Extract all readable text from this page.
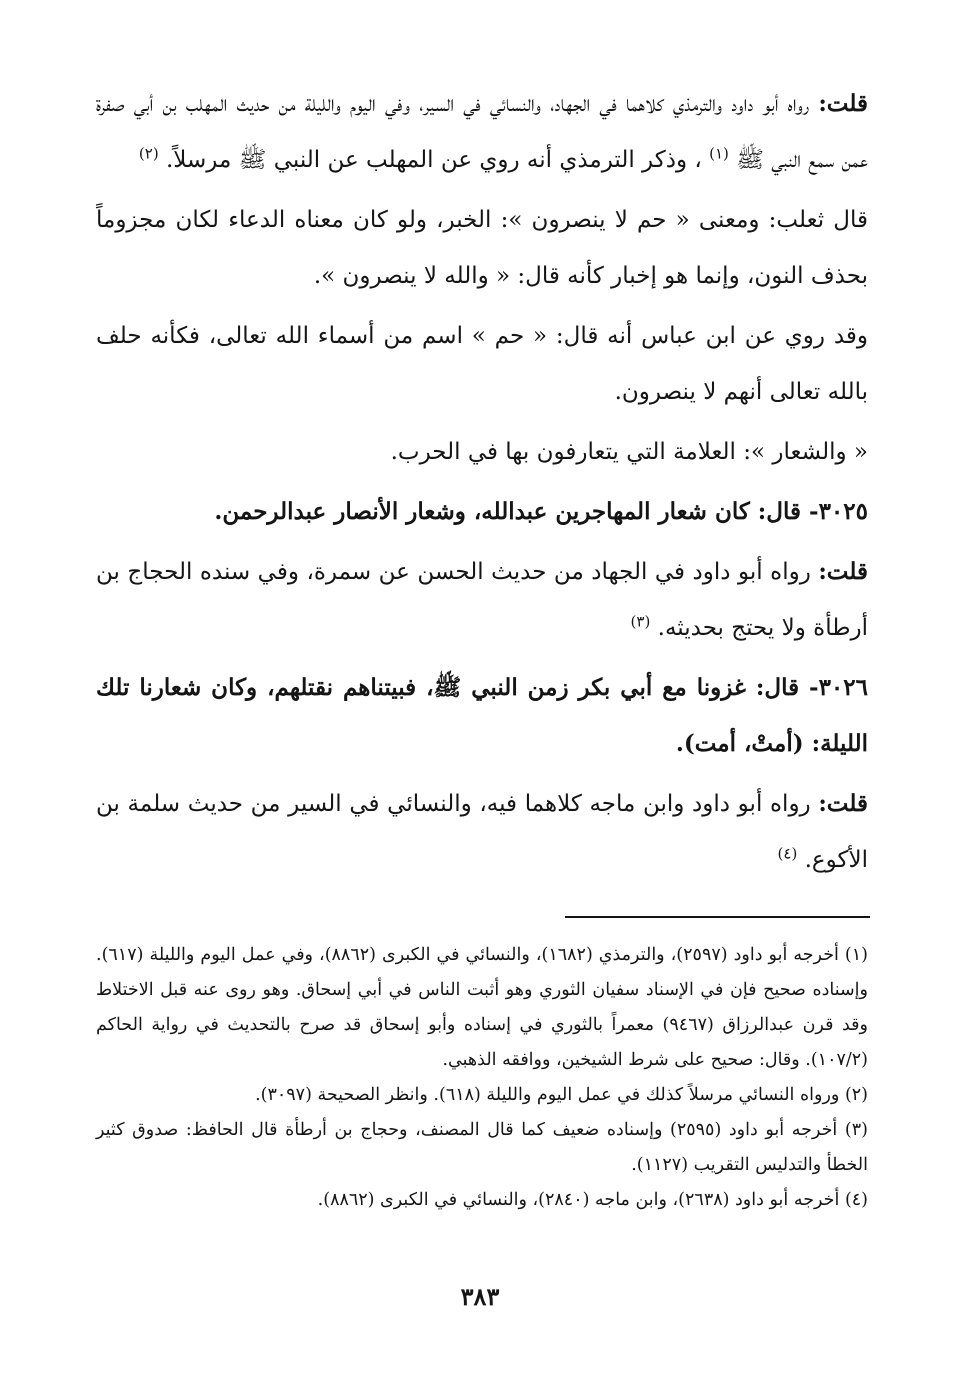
قلت: رواه أبو داود والترمذي كلاهما في الجهاد، والنسائي في السير، وفي اليوم والليلة من حديث المهلب بن أبي صفرة عمن سمع النبي ﷺ $^{(١)}$ ، وذكر الترمذي أنه روي عن المهلب عن النبي ﷺ مرسلاً. $^{(٢)}$

قال ثعلب: ومعنى « حم لا ينصرون »: الخبر، ولو كان معناه الدعاء لكان مجزوماً بحذف النون، وإنما هو إخبار كأنه قال: « والله لا ينصرون ».

وقد روي عن ابن عباس أنه قال: « حم » اسم من أسماء الله تعالى، فكأنه حلف بالله تعالى أنهم لا ينصرون.

« والشعار »: العلامة التي يتعارفون بها في الحرب.

٣٠٢٥- قال: كان شعار المهاجرين عبدالله، وشعار الأنصار عبدالرحمن.

قلت: رواه أبو داود في الجهاد من حديث الحسن عن سمرة، وفي سنده الحجاج بن أرطأة ولا يحتج بحديثه. $^{(٣)}$

٣٠٢٦- قال: غزونا مع أبي بكر زمن النبي ﷺ، فبيتناهم نقتلهم، وكان شعارنا تلك الليلة: (أمتْ، أمت).

قلت: رواه أبو داود وابن ماجه كلاهما فيه، والنسائي في السير من حديث سلمة بن الأكوع. $^{(٤)}$

(١) أخرجه أبو داود (٢٥٩٧)، والترمذي (١٦٨٢)، والنسائي في الكبرى (٨٨٦٢)، وفي عمل اليوم والليلة (٦١٧). وإسناده صحيح فإن في الإسناد سفيان الثوري وهو أثبت الناس في أبي إسحاق. وهو روى عنه قبل الاختلاط وقد قرن عبدالرزاق (٩٤٦٧) معمراً بالثوري في إسناده وأبو إسحاق قد صرح بالتحديث في رواية الحاكم (١٠٧/٢). وقال: صحيح على شرط الشيخين، ووافقه الذهبي.

(٢) ورواه النسائي مرسلاً كذلك في عمل اليوم والليلة (٦١٨). وانظر الصحيحة (٣٠٩٧).

(٣) أخرجه أبو داود (٢٥٩٥) وإسناده ضعيف كما قال المصنف، وحجاج بن أرطأة قال الحافظ: صدوق كثير الخطأ والتدليس التقريب (١١٢٧).

(٤) أخرجه أبو داود (٢٦٣٨)، وابن ماجه (٢٨٤٠)، والنسائي في الكبرى (٨٨٦٢).

٣٨٣
